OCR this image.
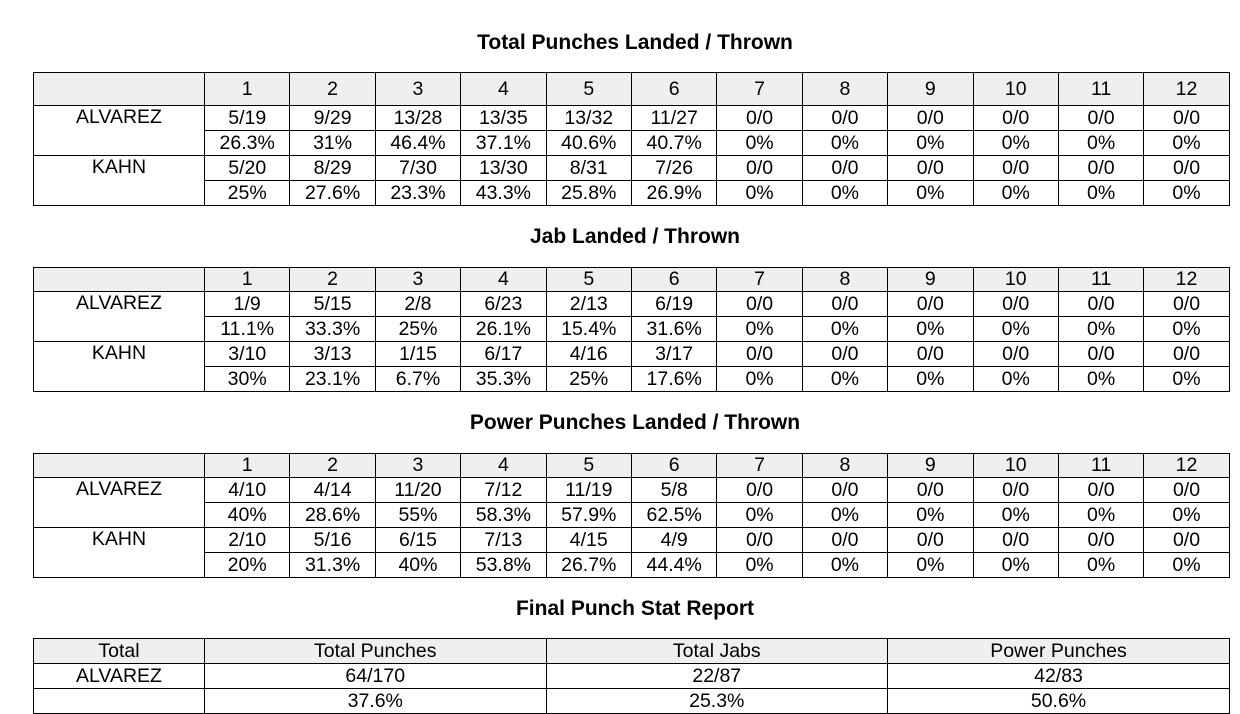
Total Punches Landed / Thrown
	1	2	3	4	5	6	7	8	9	10	11	12
ALVAREZ	5/19	9/29	13/28	13/35	13/32	11/27	0/0	0/0	0/0	0/0	0/0	0/0
	26.3%	31%	46.4%	37.1%	40.6%	40.7%	0%	0%	0%	0%	0%	0%
KAHN	5/20	8/29	7/30	13/30	8/31	7/26	0/0	0/0	0/0	0/0	0/0	0/0
	25%	27.6%	23.3%	43.3%	25.8%	26.9%	0%	0%	0%	0%	0%	0%
Jab Landed / Thrown
	1	2	3	4	5	6	7	8	9	10	11	12
ALVAREZ	1/9	5/15	2/8	6/23	2/13	6/19	0/0	0/0	0/0	0/0	0/0	0/0
	11.1%	33.3%	25%	26.1%	15.4%	31.6%	0%	0%	0%	0%	0%	0%
KAHN	3/10	3/13	1/15	6/17	4/16	3/17	0/0	0/0	0/0	0/0	0/0	0/0
	30%	23.1%	6.7%	35.3%	25%	17.6%	0%	0%	0%	0%	0%	0%
Power Punches Landed / Thrown
	1	2	3	4	5	6	7	8	9	10	11	12
ALVAREZ	4/10	4/14	11/20	7/12	11/19	5/8	0/0	0/0	0/0	0/0	0/0	0/0
	40%	28.6%	55%	58.3%	57.9%	62.5%	0%	0%	0%	0%	0%	0%
KAHN	2/10	5/16	6/15	7/13	4/15	4/9	0/0	0/0	0/0	0/0	0/0	0/0
	20%	31.3%	40%	53.8%	26.7%	44.4%	0%	0%	0%	0%	0%	0%
Final Punch Stat Report
Total	Total Punches	Total Jabs	Power Punches
ALVAREZ	64/170	22/87	42/83
	37.6%	25.3%	50.6%
